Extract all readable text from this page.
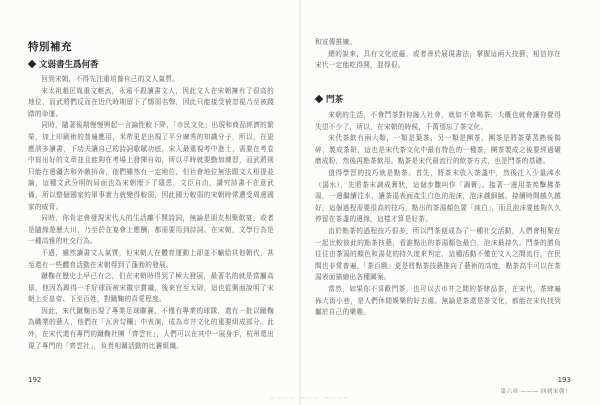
特別補充
文弱書生爲何香

回到宋朝，不得先注重培養自己的文人氣質。

宋太祖趙匡胤重文輕武，永遠不殺讀書文人，因此文人在宋朝擁有了很高的地位，而武將們反而在近代時期留下了懦弱名聲，因此只能接受被忽視乃至被踐踏的命運。

同時，隨著後期慢慢興起一言論性較下降，「市民文化」出現和商品經濟的繁榮，加上印刷術的普遍應用，米芾更是出現了平分廣秀的知識分子，所以，在更應該多讀書，下功夫讓自己的詩詞歌賦功底，宋人最重視考中進士，需要在考卷中寫出好的文章並且能夠在考場上發揮自如，所以平時就要勤加練習，而武將則只能在邊疆去和外敵拚命，他們雖然有一定地位，但社會地位無法跟文人相提並論，這種文武分明的局面也為宋朝埋下了隱患，文臣自由，講究詩書不在意武備，所以整個國家的軍事實力就變得較弱，因此國力較弱的宋朝時常遭受周邊國家的威脅。

同時，你肯定會發現宋代人的生活離不開詩詞，無論是朋友相聚飲宴，或者是隨緣遊歷大川，乃至於在宴會上應酬，都需要用到詩詞。在宋朝，文學行為是一種高雅的社交行為。

不過，雖然讀書文人氣質，但宋朝人在體育運動上卻並不輸給其他朝代，甚至還有一些體育活動在宋朝得到了蓬勃的發展。

蹴鞠在歷史上早已有之，但在宋朝時得到了極大發展，最著名的就是當屬高俅，他因為踢得一手好球而被宋徽宗賞識，後來官至太尉，這也從側面說明了宋朝上至皇帝、下至百姓，對蹴鞠的喜愛程度。

因此，宋代蹴鞠出現了專業足球聯賽，不僅有專業的球隊，還有一批以蹴鞠為職業的藝人，他們在「瓦舍勾欄」中表演，成為市井文化的重要組成部分。此外，在宋代還有專門的蹴鞠社團「齊雲社」，人們可以在其中一展身手，杭州還出現了專門的「齊雲社」，負責相關活動的比賽組織。

192

和宣傳推廣。

總的說來，具有文化底蘊，或者善於展現書法，掌握這兩大技藝，相信你在宋代一定能吃得開，混得很。

門茶

宋朝的生活，不會鬥茶對你融入社會，就如不會喝茶，大概也就會讓你覺得失望不少了，所以，在宋朝的時候，千萬別忘了茶文化。

宋代茶飲有兩大類，一類是葉茶，另一類是團茶，團茶是將茶葉蒸熟後搗碎，製成茶餅，這也是宋代茶文化中最有特色的一種茶，團茶製成之後要經過碾磨成粉，然後再點茶飲用。點茶是宋代最流行的飲茶方式，也是鬥茶的基礎。

值得學習的技巧就是點茶。首先，將茶末放入茶盞中，然後注入少量沸水（湯水），先將茶末調成膏狀，這個步驟叫作「調膏」。接著一邊用茶筅擊拂茶湯，一邊繼續注水，讓茶湯表面產生白色的泡沫，泡沫越細膩、持續時間越久越好，這個過程需要很高的技巧，點出的茶湯顏色要「純白」，而且泡沫要能夠久久停留在茶盞的邊緣，這樣才算是好茶。

由於點茶的過程技巧很多，所以鬥茶便成為了一種社交活動，人們會相聚在一起比較彼此的點茶技藝，看誰點出的茶湯顏色最白、泡沫最持久。鬥茶的勝負往往由茶湯的顏色和湯花的持久度來判定，這種活動不僅在文人之間流行，在民間也非常普遍。「茶百戲」更是將點茶技藝推向了藝術的高度，點茶高手可以在茶湯表面描繪出各種圖案。

當然，如果你不喜歡門茶，也可以去市井之間的茶肆品茶，在宋代，茶肆遍佈大街小巷，是人們休閒娛樂的好去處。無論是茶還是茶文化，都能在宋代找到屬於自己的樂趣。

193
第六章 ——— 回到宋朝！
▔▔▔▔ ▔▔▔ ▔▔▔▔
